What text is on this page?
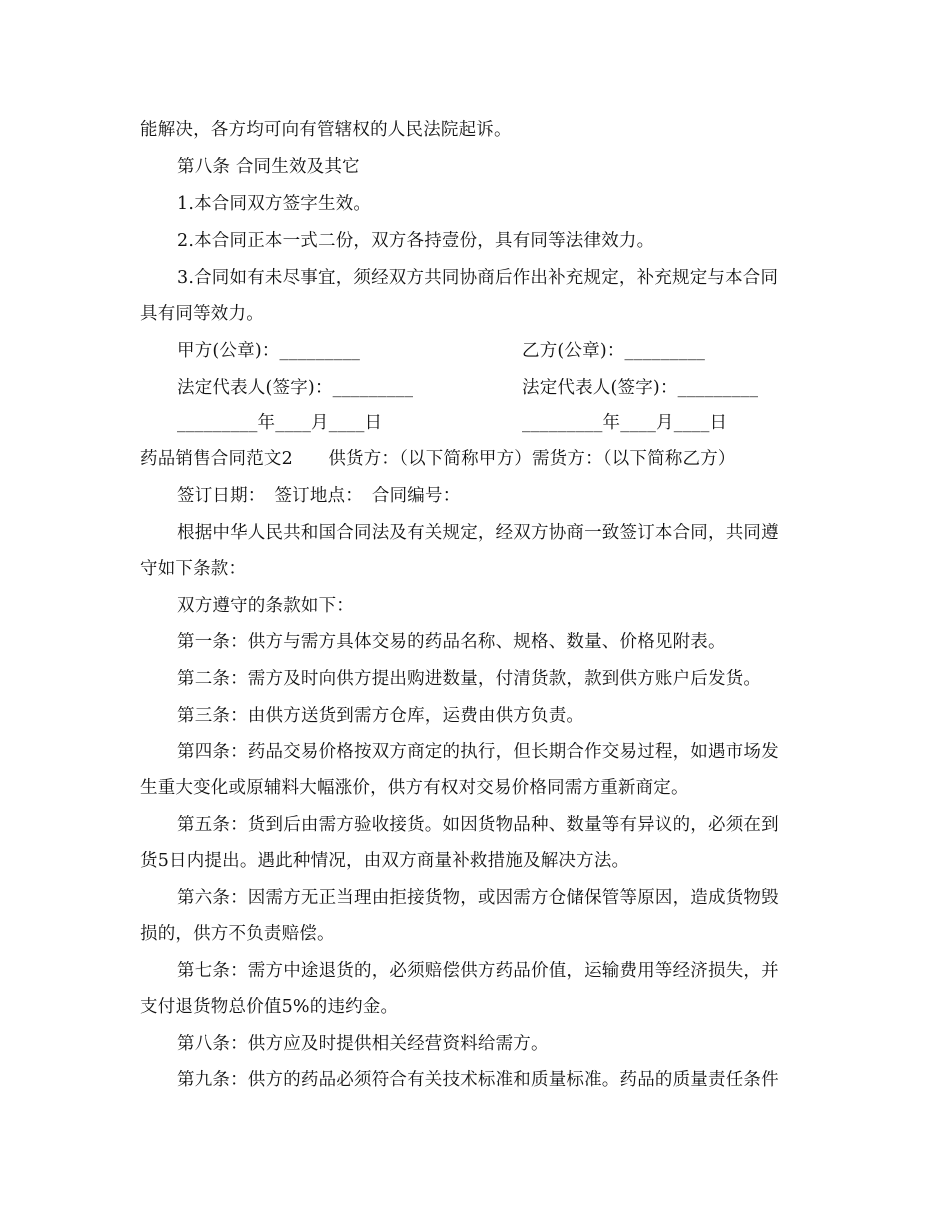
能解决，各方均可向有管辖权的人民法院起诉。
第八条 合同生效及其它
1.本合同双方签字生效。
2.本合同正本一式二份，双方各持壹份，具有同等法律效力。
3.合同如有未尽事宜，须经双方共同协商后作出补充规定，补充规定与本合同
具有同等效力。
甲方(公章)：_________	乙方(公章)：_________
法定代表人(签字)：_________	法定代表人(签字)：_________
_________年____月____日	_________年____月____日
药品销售合同范文2　　供货方：（以下简称甲方）需货方：（以下简称乙方）
签订日期：　签订地点：　合同编号：
根据中华人民共和国合同法及有关规定，经双方协商一致签订本合同，共同遵
守如下条款：
双方遵守的条款如下：
第一条：供方与需方具体交易的药品名称、规格、数量、价格见附表。
第二条：需方及时向供方提出购进数量，付清货款，款到供方账户后发货。
第三条：由供方送货到需方仓库，运费由供方负责。
第四条：药品交易价格按双方商定的执行，但长期合作交易过程，如遇市场发
生重大变化或原辅料大幅涨价，供方有权对交易价格同需方重新商定。
第五条：货到后由需方验收接货。如因货物品种、数量等有异议的，必须在到
货5日内提出。遇此种情况，由双方商量补救措施及解决方法。
第六条：因需方无正当理由拒接货物，或因需方仓储保管等原因，造成货物毁
损的，供方不负责赔偿。
第七条：需方中途退货的，必须赔偿供方药品价值，运输费用等经济损失，并
支付退货物总价值5%的违约金。
第八条：供方应及时提供相关经营资料给需方。
第九条：供方的药品必须符合有关技术标准和质量标准。药品的质量责任条件
